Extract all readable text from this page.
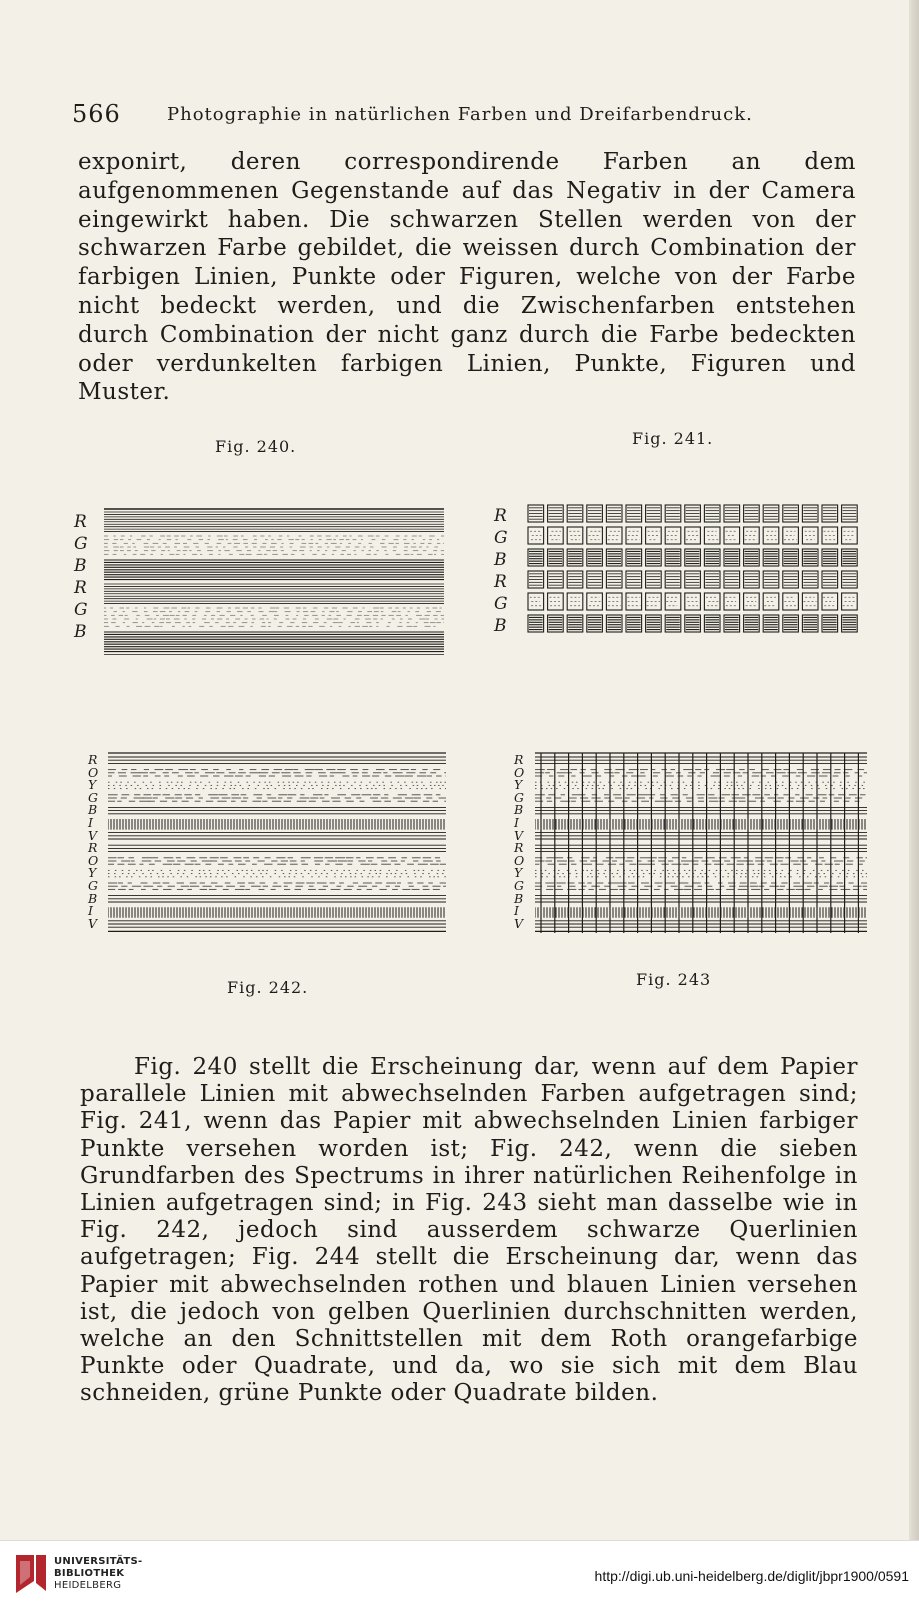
566	Photographie in natürlichen Farben und Dreifarbendruck.

exponirt, deren correspondirende Farben an dem aufgenommenen Gegenstande auf das Negativ in der Camera eingewirkt haben. Die schwarzen Stellen werden von der schwarzen Farbe gebildet, die weissen durch Combination der farbigen Linien, Punkte oder Figuren, welche von der Farbe nicht bedeckt werden, und die Zwischenfarben entstehen durch Combination der nicht ganz durch die Farbe bedeckten oder verdunkelten farbigen Linien, Punkte, Figuren und Muster.

Fig. 240.
R
G
B
R
G
B
Fig. 241.
R
G
B
R
G
B
R
O
Y
G
B
I
V
R
O
Y
G
B
I
V
Fig. 242.
R
O
Y
G
B
I
V
R
O
Y
G
B
I
V
Fig. 243

Fig. 240 stellt die Erscheinung dar, wenn auf dem Papier parallele Linien mit abwechselnden Farben aufgetragen sind; Fig. 241, wenn das Papier mit abwechselnden Linien farbiger Punkte versehen worden ist; Fig. 242, wenn die sieben Grundfarben des Spectrums in ihrer natürlichen Reihenfolge in Linien aufgetragen sind; in Fig. 243 sieht man dasselbe wie in Fig. 242, jedoch sind ausserdem schwarze Querlinien aufgetragen; Fig. 244 stellt die Erscheinung dar, wenn das Papier mit abwechselnden rothen und blauen Linien versehen ist, die jedoch von gelben Querlinien durchschnitten werden, welche an den Schnittstellen mit dem Roth orangefarbige Punkte oder Quadrate, und da, wo sie sich mit dem Blau schneiden, grüne Punkte oder Quadrate bilden.

UNIVERSITÄTS-
BIBLIOTHEK
HEIDELBERG
http://digi.ub.uni-heidelberg.de/diglit/jbpr1900/0591
